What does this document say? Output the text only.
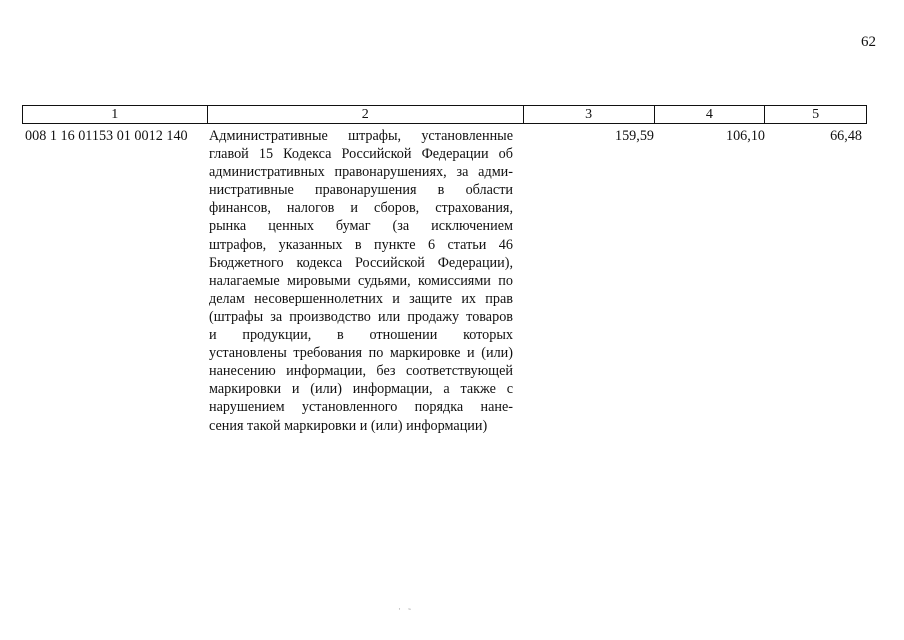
62
1	2	3	4	5
008 1 16 01153 01 0012 140	Административные штрафы, установленные
главой 15 Кодекса Российской Федерации об
административных правонарушениях, за адми-
нистративные правонарушения в области
финансов, налогов и сборов, страхования,
рынка ценных бумаг (за исключением
штрафов, указанных в пункте 6 статьи 46
Бюджетного кодекса Российской Федерации),
налагаемые мировыми судьями, комиссиями по
делам несовершеннолетних и защите их прав
(штрафы за производство или продажу товаров
и продукции, в отношении которых
установлены требования по маркировке и (или)
нанесению информации, без соответствующей
маркировки и (или) информации, а также с
нарушением установленного порядка нане-
сения такой маркировки и (или) информации)
159,59	106,10	66,48
· ˜
